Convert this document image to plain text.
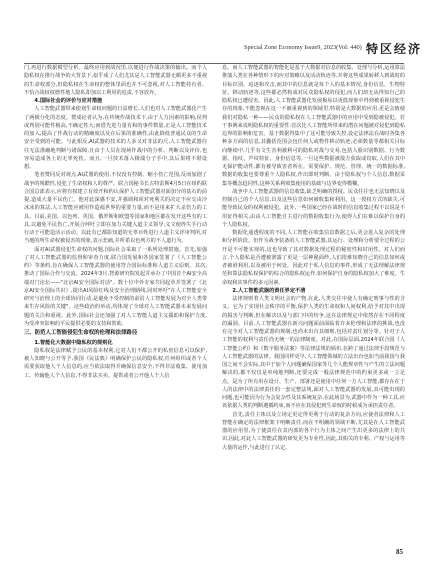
Special Zone Economy Issue9, 2023(Vol: 440) 特区经济

门,再进行数据模型分析。最终应用到战况里,以便进行作战决策的输出。而个人隐私权在推行战争的大背景下,似乎成了人们尤其是人工智能武器无暇更多不重视的生命权部分,但隐私权在生命权的整体里面也并不可忽视,对人工智能持有者、不恰合战权权德性地人隐私却加以工利用的追责,不容放弃。

4.国际社会的评价与应对措施

人工智能武器带来使划生命权问题的日益增长,人们也对人工智能武器化产生了两极分化的态度。赞成论者认为,在传统作战技术下,由于人力因素的影响,误判或判别可能性极高,不确定性大;而借先进力量有和的事件数量,正是人工智能技术的加入,提高了作战行动的精确度以及在后果的准确性,由此降低普通民众的生命安全受到的可能。与此相反,AI武器的技术的人多又对非法的尺,人工智能武器往往无法准确地判断与诸保障,且由于人员在现场作战中的分析、判断以及评价,也容易造成各上的无辜死伤。而且,一旦技术落入极端分子手中,其后果将不堪设想。

笔者赞同反对观点,AI武器的使用,不仅没有控制、缩小伤亡范围,反而加剧了战争的残酷性,侵犯了生命权和人的尊严。联合国秘书长古特雷斯4月5日在纽约联合国总部表示,应将有权建立有效开和约认保护人工智能武器对面加分的基石的前提,造成大量平民伤亡。他对此深感不安,并强调和项对死利关的决定不应交由冷冰冰的算法,人工智能应被用作造福世界的重要力量,而不是用来扩大杀伤力的工具。目前,美国、以色列、英国、俄罗斯和欧盟等国家和地区都在发开这些有的工具,以避免平民伤亡,开展合呼吁立即在加力关键入道主义领导,义文使得失手行动行动于可能造活示活动。以此有已都影知道的无辜百姓进行人道主义评审判所,对当地的所生命权被侵害的现象,表示悲痛,并所希以色列方的不人道行为。

面对AI武器侵犯生命权的问题,国际社会采取了一系列处理措施。首先,加强了对人工智能武器的监督和审查力度,联合国发展和各国家签署了《人工智能公约》等条约,旨在确保人工智能武器的使用符合国际标准和人道主义原则。其次,推动了国际合作与交流。2024年3月,智源研究院发起并承办了中国首个AI安全高端对门论坛——"北京AI安全国际对话"。数十位中外专家共同起草并签署了《北京AI安全国际共识》,提出AI风险红线及安全治理路线,同时呼吁"在人工智能安全研究与治理上的全球协同行动,是避免不受控制的前沿人工智能发展为对全人类带来生存风险的关键"。这些政治的举动,均体现了全球对人工智能武器未来发展问题的关注和重视。此外,国际社会还加强了对人工智能人道主义援助和保护力度,为受冲突影响的平民提供必要的支持和帮助。

三、防范人工智能侵犯生命权的伦理和法律路径
1.智能化大数据中隐私权的规则化

隐私权是法律赋予公民的基本权利,它对人们不都公开的私密信息可以保护,被人知晓与公开等予,我国《民法典》明确保护公民的隐私权,任何组织或者个人需要获取他人个人信息的,应当依法取得并确保信息安全,不得非法收集、使用加工、传输他人个人信息,不得非法买卖、提供或者公开他人个人信

息。而人工智能武器的智能化是基于大数据对信息的收集、处理与分析,运用算法推演人类在各种情形下的应对策略以及活动轨迹等,并将这些成果转移人到战时的目标识别、追逐和攻击,而其中的信息就是每个人的基本情况,身份信息、生物特征、移动轨迹等,这些都必然构成对民众隐私权的侵犯,而人们却无从得知自己的隐私权已遭侵害。因此,人工智能武器化发展极易以更低现象中得到被重视侵犯生存的现象,不能忽视在这一不被重视到的领域里,特别是大数据的应用,更是会致使我们对隐私一种——民众的隐私权在人工智能武器中的应用中受到隐被侵犯。若干事例来说明隐私权的重要性:首次比人工智能所带来的潜在问题被对侵犯到隐私边界的影响和危害。基于数据得集中了这可能导致失控,设定法律法在战时各集各种多方面的信息,其囊括范围会包任何人或物件移动轨迹,必须数量等都相关目标向继续中,几乎有文生害利被利可的隐私对战与交易,包括人脸识别数据、行为数据、指纹、声纹特征、身份信息等,一旦这些数据被敌方获取或窃取,人们在其中无保护能动性,都有被导致害者所在。需要保护、规范、管理、统一的数据标准,数据的收集也要尊重个人隐私权,作出即时判断。由于隐私权与个人信息,数据采集等概念趋同性,这种关系利收集使用的基础与边界变得模糊。

战争中人工智能武器的信息收集,缺乏明确的授权。民众往往也无法知晓以及控制自己的个人信息,以及这些信息如何被收集和利用。这一授权方式的缺失,可能导致民众的权利被侵犯。此外,一些国家已经在战时的信息收集过程不以说是不用征得相关,由由人工智能自主进行的数据收集行为,使得人们在难以保护自身的个人隐私权。

数据化通透程度的不同,人工智能在收集信息数据之后,更会进入复杂的处理和分析阶段。但作为战争装备的人工智能武器,其运行、处理和分析要全过程的公开是不可能实现的,这也导致了其对数据处理过程的秘密性和封闭性。对人们而言,个人隐私是否遭被泄露了更是一层神秘面纱,人们很难知晓自己的信息如何或者被谁利用,以及被用于何处。因此对于私人信息的事件,形成了无法理解法律规范和算法隐私权保护的综合的隐私权运作,如何保护自身的隐私权加大了难度。生命权和其事件的多元因素。

2.人工智能武器的责任界定不清

法律规则着人类文明社会的产物,在此,人类交往中使人有确定刑事与性的含义。它为了实现社会秩序的平衡,保护人类的生命权和人间权利,给予对其中出现的损害与判断,但在解决以及与部门中的纷争,这在法律规定中依然存在不同程度的漏洞。目前,人工智能武器在新兴问题面前面临着许多伦理和法律的挑战,也没有完全对人工智能武器的规制,也尚未出台其细则,包括对责任划分等。针对于人工智能的权利与责任尚无统一的法律制度。对此,在国际层面,2024年联合国《人工智能公约》和《数字服务法案》等法律法规的颁布,在跨了通过法律手段规范与人工智能武器的法律。我国同样更早,人工智能领域的立法出台也如当前我国与我国之间不会实际,其中于加个人问题确保国家等几个人能规章性与产生的立法问题解决的,都不仅仅是单纯地判断,还要完成一般法律规范中的约束更多或一立足点。是为了所有用在设计、生产、部署还是使用中任何一方人工智能,都存在在于人的法律中的法律责任的一套完整法规,面对人工智能武器的发展,其可能出现的问题,也可能因为行为会复杂性及其系统复杂,在此场景为,武器中作为一种工具,应该依据人类的判断遵循约束,而不应在其侵犯到生命权的时候成为承担责任者。

首先,责任主体以及立场定更定得更利于行动的复杂方向,应使者法律和人工智能在确定的法律框架下明晰责任,而在不明确的领域不断,尤其是在人工智能武器的应用里,为了使责任在其内部的各个行为主体之间产生出更多的法律上的共识,因此,对此人工智能武器的研发更为专业性,因此,其相关的专利、产权与运用等大量的运作,与此进行了认定。

85
